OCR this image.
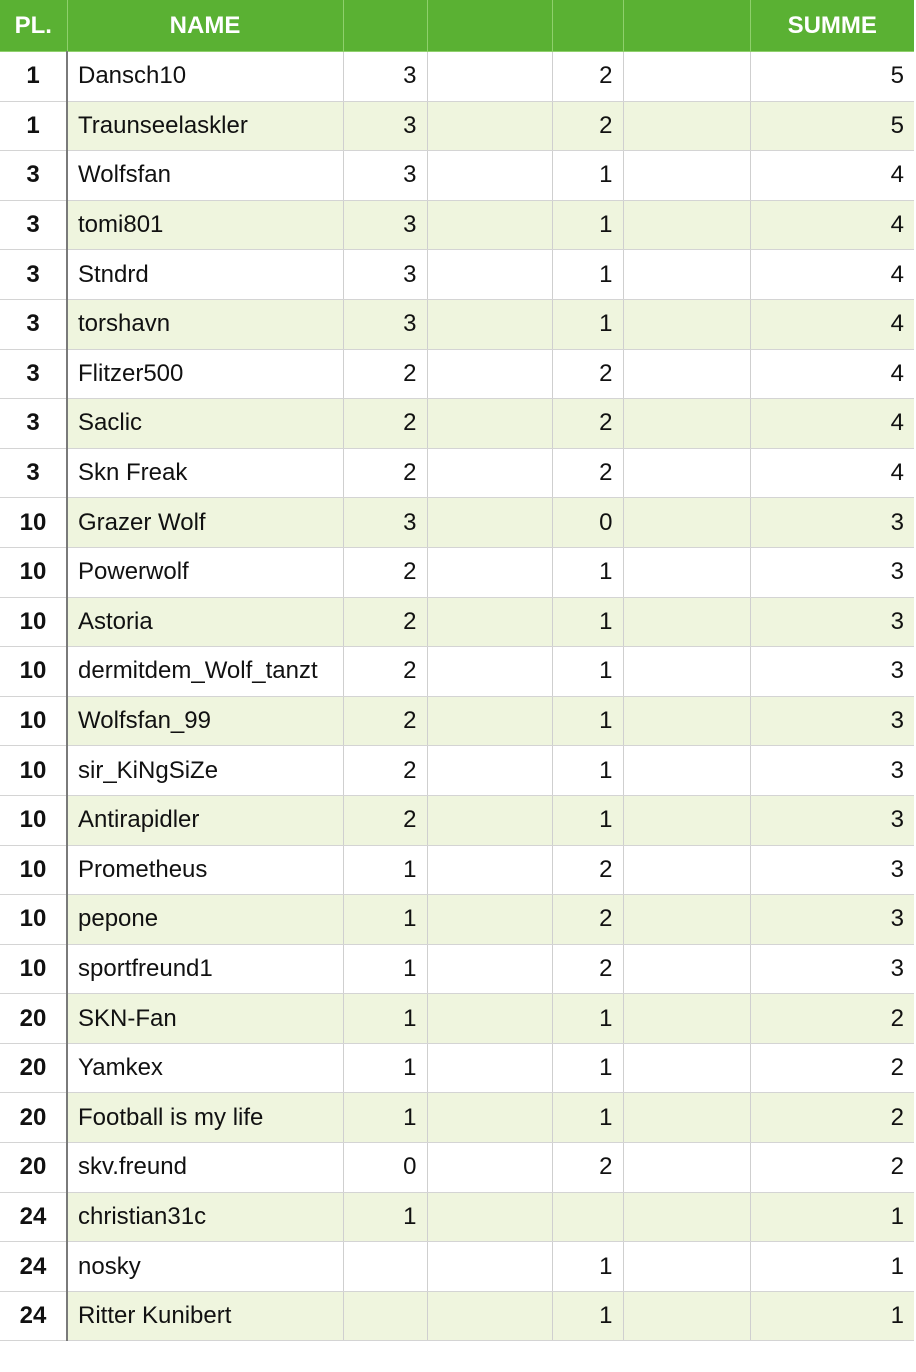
PL.	NAME					SUMME
1	Dansch10	3		2		5
1	Traunseelaskler	3		2		5
3	Wolfsfan	3		1		4
3	tomi801	3		1		4
3	Stndrd	3		1		4
3	torshavn	3		1		4
3	Flitzer500	2		2		4
3	Saclic	2		2		4
3	Skn Freak	2		2		4
10	Grazer Wolf	3		0		3
10	Powerwolf	2		1		3
10	Astoria	2		1		3
10	dermitdem_Wolf_tanzt	2		1		3
10	Wolfsfan_99	2		1		3
10	sir_KiNgSiZe	2		1		3
10	Antirapidler	2		1		3
10	Prometheus	1		2		3
10	pepone	1		2		3
10	sportfreund1	1		2		3
20	SKN-Fan	1		1		2
20	Yamkex	1		1		2
20	Football is my life	1		1		2
20	skv.freund	0		2		2
24	christian31c	1				1
24	nosky			1		1
24	Ritter Kunibert			1		1
